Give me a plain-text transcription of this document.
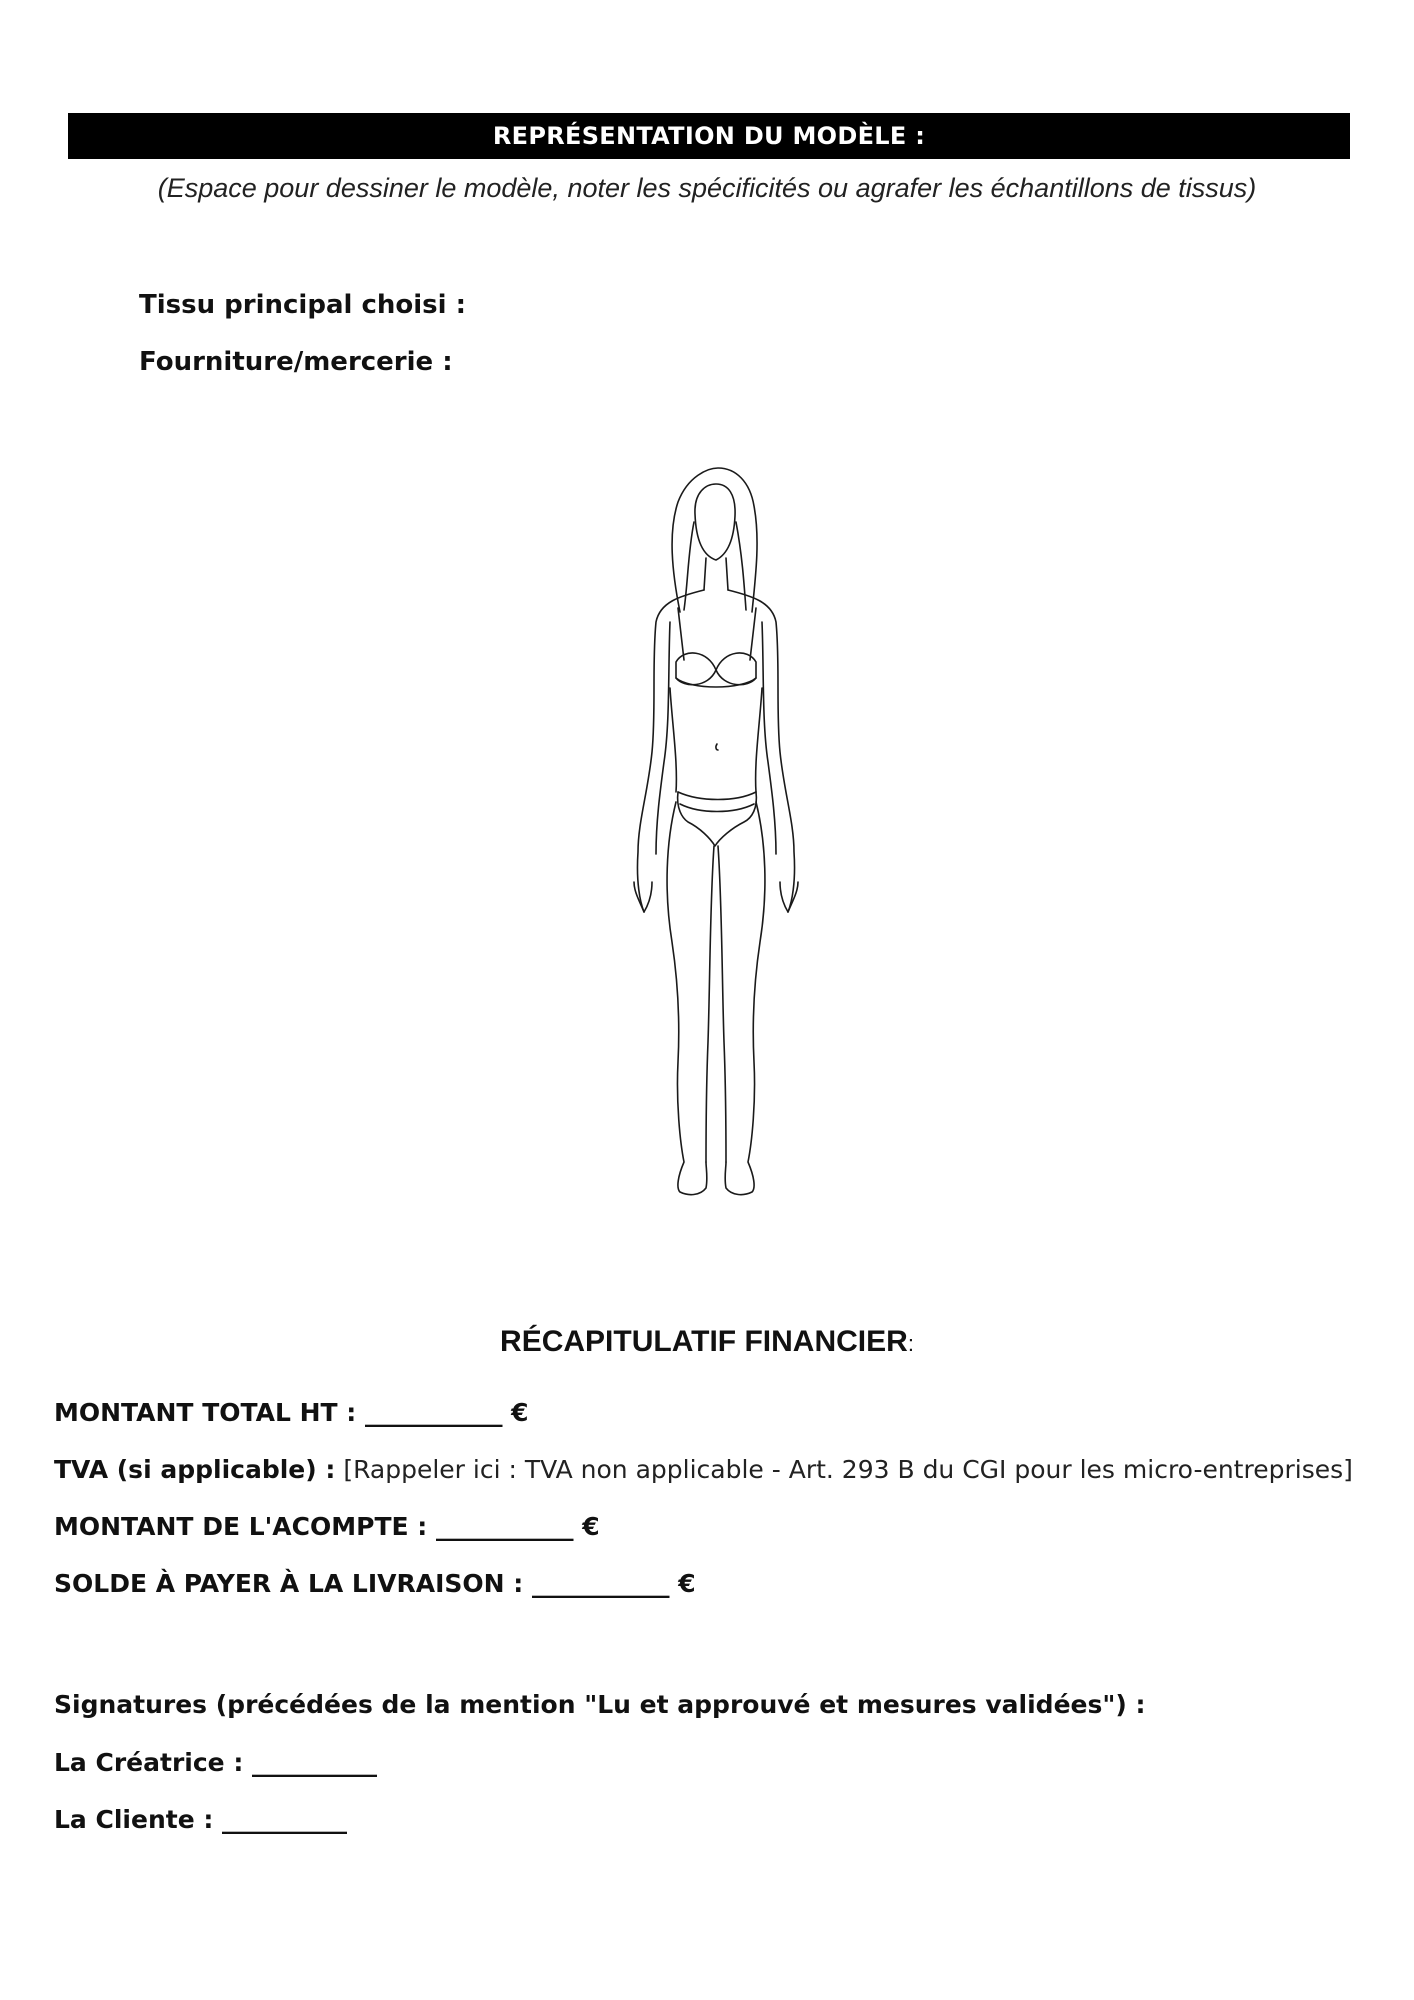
REPRÉSENTATION DU MODÈLE :
(Espace pour dessiner le modèle, noter les spécificités ou agrafer les échantillons de tissus)
Tissu principal choisi :
Fourniture/mercerie :
RÉCAPITULATIF FINANCIER:
MONTANT TOTAL HT : ___________ €
TVA (si applicable) : [Rappeler ici : TVA non applicable - Art. 293 B du CGI pour les micro-entreprises]
MONTANT DE L'ACOMPTE : ___________ €
SOLDE À PAYER À LA LIVRAISON : ___________ €
Signatures (précédées de la mention "Lu et approuvé et mesures validées") :
La Créatrice : __________
La Cliente : __________
